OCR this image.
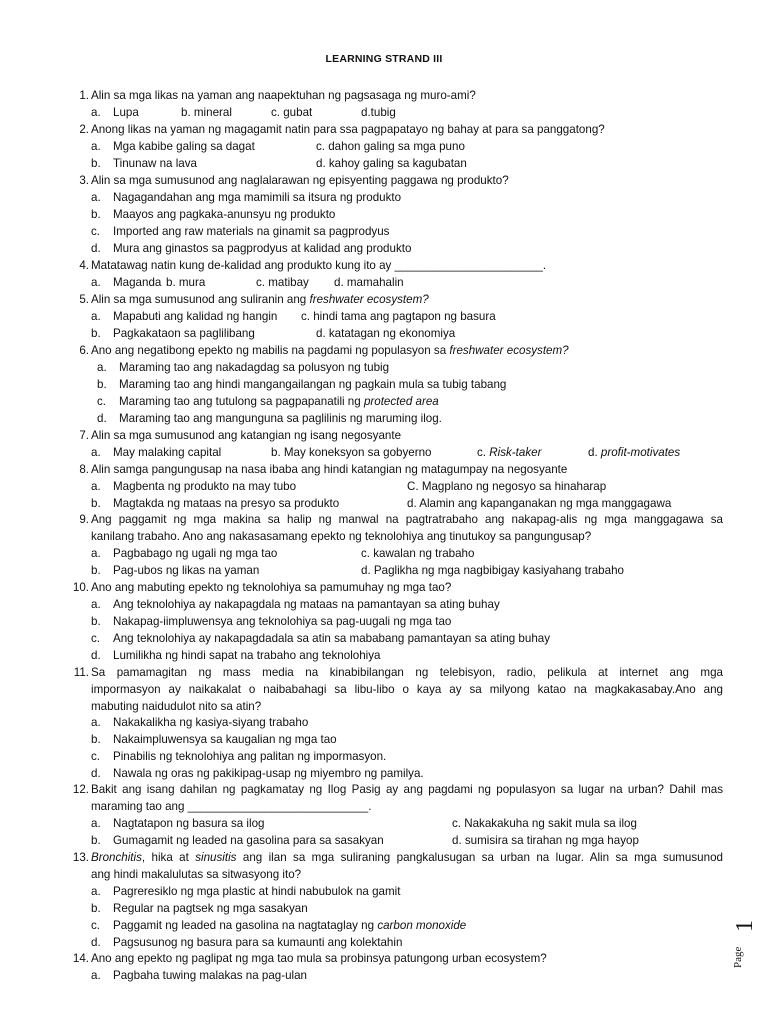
LEARNING STRAND III
1. Alin sa mga likas na yaman ang naapektuhan ng pagsasaga ng muro-ami?
a. Lupa	b. mineral	c. gubat	d.tubig
2. Anong likas na yaman ng magagamit natin para ssa pagpapatayo ng bahay at para sa panggatong?
a. Mga kabibe galing sa dagat	c. dahon galing sa mga puno
b. Tinunaw na lava	d. kahoy galing sa kagubatan
3. Alin sa mga sumusunod ang naglalarawan ng episyenting paggawa ng produkto?
a. Nagagandahan ang mga mamimili sa itsura ng produkto
b. Maayos ang pagkaka-anunsyu ng produkto
c. Imported ang raw materials na ginamit sa pagprodyus
d. Mura ang ginastos sa pagprodyus at kalidad ang produkto
4. Matatawag natin kung de-kalidad ang produkto kung ito ay _______________________.
a. Maganda b. mura	c. matibay d. mamahalin
5. Alin sa mga sumusunod ang suliranin ang freshwater ecosystem?
a. Mapabuti ang kalidad ng hangin c. hindi tama ang pagtapon ng basura
b. Pagkakataon sa paglilibang	d. katatagan ng ekonomiya
6. Ano ang negatibong epekto ng mabilis na pagdami ng populasyon sa freshwater ecosystem?
a. Maraming tao ang nakadagdag sa polusyon ng tubig
b. Maraming tao ang hindi mangangailangan ng pagkain mula sa tubig tabang
c. Maraming tao ang tutulong sa pagpapanatili ng protected area
d. Maraming tao ang mangunguna sa paglilinis ng maruming ilog.
7. Alin sa mga sumusunod ang katangian ng isang negosyante
a. May malaking capital	b. May koneksyon sa gobyerno	c. Risk-taker	d. profit-motivates
8. Alin samga pangungusap na nasa ibaba ang hindi katangian ng matagumpay na negosyante
a. Magbenta ng produkto na may tubo	C. Magplano ng negosyo sa hinaharap
b. Magtakda ng mataas na presyo sa produkto	d. Alamin ang kapanganakan ng mga manggagawa
9. Ang paggamit ng mga makina sa halip ng manwal na pagtratrabaho ang nakapag-alis ng mga manggagawa sa
kanilang trabaho. Ano ang nakasasamang epekto ng teknolohiya ang tinutukoy sa pangungusap?
a. Pagbabago ng ugali ng mga tao	c. kawalan ng trabaho
b. Pag-ubos ng likas na yaman	d. Paglikha ng mga nagbibigay kasiyahang trabaho
10. Ano ang mabuting epekto ng teknolohiya sa pamumuhay ng mga tao?
a. Ang teknolohiya ay nakapagdala ng mataas na pamantayan sa ating buhay
b. Nakapag-iimpluwensya ang teknolohiya sa pag-uugali ng mga tao
c. Ang teknolohiya ay nakapagdadala sa atin sa mababang pamantayan sa ating buhay
d. Lumilikha ng hindi sapat na trabaho ang teknolohiya
11. Sa pamamagitan ng mass media na kinabibilangan ng telebisyon, radio, pelikula at internet ang mga
impormasyon ay naikakalat o naibabahagi sa libu-libo o kaya ay sa milyong katao na magkakasabay.Ano ang
mabuting naidudulot nito sa atin?
a. Nakakalikha ng kasiya-siyang trabaho
b. Nakaimpluwensya sa kaugalian ng mga tao
c. Pinabilis ng teknolohiya ang palitan ng impormasyon.
d. Nawala ng oras ng pakikipag-usap ng miyembro ng pamilya.
12. Bakit ang isang dahilan ng pagkamatay ng Ilog Pasig ay ang pagdami ng populasyon sa lugar na urban? Dahil mas
maraming tao ang ____________________________.
a. Nagtatapon ng basura sa ilog	c. Nakakakuha ng sakit mula sa ilog
b. Gumagamit ng leaded na gasolina para sa sasakyan	d. sumisira sa tirahan ng mga hayop
13. Bronchitis, hika at sinusitis ang ilan sa mga suliraning pangkalusugan sa urban na lugar. Alin sa mga sumusunod
ang hindi makalulutas sa sitwasyong ito?
a. Pagreresiklo ng mga plastic at hindi nabubulok na gamit
b. Regular na pagtsek ng mga sasakyan
c. Paggamit ng leaded na gasolina na nagtataglay ng carbon monoxide
d. Pagsusunog ng basura para sa kumaunti ang kolektahin
14. Ano ang epekto ng paglipat ng mga tao mula sa probinsya patungong urban ecosystem?
a. Pagbaha tuwing malakas na pag-ulan
Page
1
